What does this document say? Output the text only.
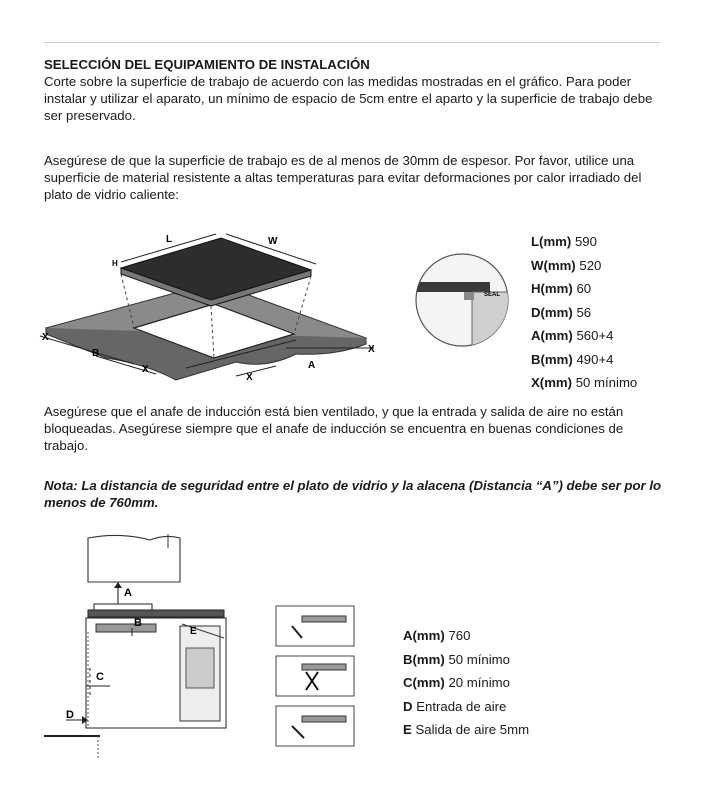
SELECCIÓN DEL EQUIPAMIENTO DE INSTALACIÓN
Corte sobre la superficie de trabajo de acuerdo con las medidas mostradas en el gráfico. Para poder instalar y utilizar el aparato, un mínimo de espacio de 5cm entre el aparto y la superficie de trabajo debe ser preservado.

Asegúrese de que la superficie de trabajo es de al menos de 30mm de espesor. Por favor, utilice una superficie de material resistente a altas temperaturas para evitar deformaciones por calor irradiado del plato de vidrio caliente:

L	W
H
X
B
X
X
A
X
SEAL
L(mm) 590
W(mm) 520
H(mm) 60
D(mm) 56
A(mm) 560+4
B(mm) 490+4
X(mm) 50 mínimo

Asegúrese que el anafe de inducción está bien ventilado, y que la entrada y salida de aire no están bloqueadas. Asegúrese siempre que el anafe de inducción se encuentra en buenas condiciones de trabajo.

Nota: La distancia de seguridad entre el plato de vidrio y la alacena (Distancia “A”) debe ser por lo menos de 760mm.

A
B
E
C
D
A(mm) 760
B(mm) 50 mínimo
C(mm) 20 mínimo
D Entrada de aire
E Salida de aire 5mm
